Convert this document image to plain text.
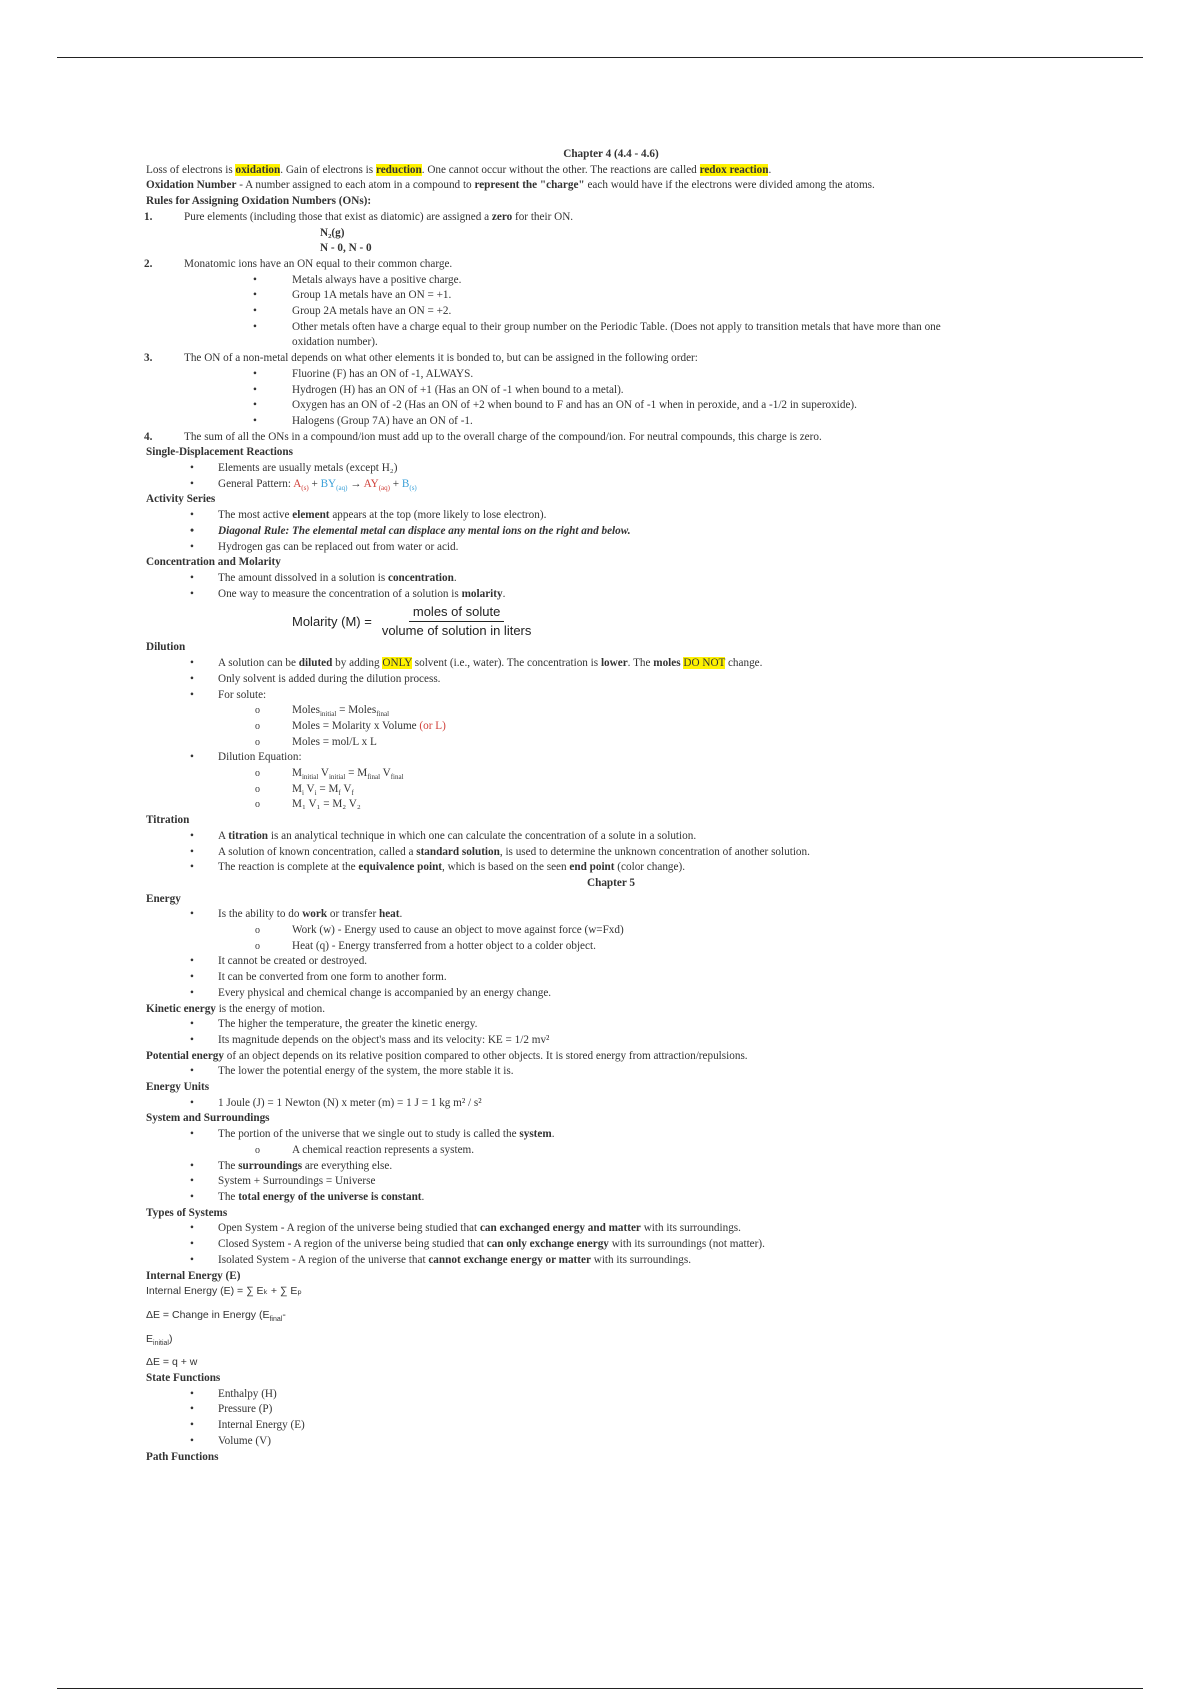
Chapter 4 (4.4 - 4.6)
Loss of electrons is oxidation. Gain of electrons is reduction. One cannot occur without the other. The reactions are called redox reaction.
Oxidation Number - A number assigned to each atom in a compound to represent the "charge" each would have if the electrons were divided among the atoms.
Rules for Assigning Oxidation Numbers (ONs):
1.	Pure elements (including those that exist as diatomic) are assigned a zero for their ON.
N₂(g)
N - 0, N - 0
2.	Monatomic ions have an ON equal to their common charge.
• Metals always have a positive charge.
• Group 1A metals have an ON = +1.
• Group 2A metals have an ON = +2.
• Other metals often have a charge equal to their group number on the Periodic Table. (Does not apply to transition metals that have more than one
oxidation number).
3.	The ON of a non-metal depends on what other elements it is bonded to, but can be assigned in the following order:
• Fluorine (F) has an ON of -1, ALWAYS.
• Hydrogen (H) has an ON of +1 (Has an ON of -1 when bound to a metal).
• Oxygen has an ON of -2 (Has an ON of +2 when bound to F and has an ON of -1 when in peroxide, and a -1/2 in superoxide).
• Halogens (Group 7A) have an ON of -1.
4.	The sum of all the ONs in a compound/ion must add up to the overall charge of the compound/ion. For neutral compounds, this charge is zero.
Single-Displacement Reactions
• Elements are usually metals (except H₂)
• General Pattern: $A_{(s)} + BY_{(aq)} \to AY_{(aq)} + B_{(s)}$
Activity Series
• The most active element appears at the top (more likely to lose electron).
• Diagonal Rule: The elemental metal can displace any mental ions on the right and below.
• Hydrogen gas can be replaced out from water or acid.
Concentration and Molarity
• The amount dissolved in a solution is concentration.
• One way to measure the concentration of a solution is molarity.
Molarity $(M) = \frac{\text{moles of solute}}{\text{volume of solution in liters}}$
Dilution
• A solution can be diluted by adding ONLY solvent (i.e., water). The concentration is lower. The moles DO NOT change.
• Only solvent is added during the dilution process.
• For solute:
o Moles$_{initial}$ = Moles$_{final}$
o Moles = Molarity x Volume (or L)
o Moles = mol/L x L
• Dilution Equation:
o $M_{initial}$ $V_{initial} = M_{final}$ $V_{final}$
o $M_i$ $V_i = M_f$ $V_f$
o M₁ V₁ = M₂ V₂
Titration
• A titration is an analytical technique in which one can calculate the concentration of a solute in a solution.
• A solution of known concentration, called a standard solution, is used to determine the unknown concentration of another solution.
• The reaction is complete at the equivalence point, which is based on the seen end point (color change).
Chapter 5
Energy
• Is the ability to do work or transfer heat.
o Work (w) - Energy used to cause an object to move against force (w=Fxd)
o Heat (q) - Energy transferred from a hotter object to a colder object.
• It cannot be created or destroyed.
• It can be converted from one form to another form.
• Every physical and chemical change is accompanied by an energy change.
Kinetic energy is the energy of motion.
• The higher the temperature, the greater the kinetic energy.
• Its magnitude depends on the object's mass and its velocity: KE = 1/2 mv²
Potential energy of an object depends on its relative position compared to other objects. It is stored energy from attraction/repulsions.
• The lower the potential energy of the system, the more stable it is.
Energy Units
• 1 Joule (J) = 1 Newton (N) x meter (m) = 1 J = 1 kg m² / s²
System and Surroundings
• The portion of the universe that we single out to study is called the system.
o A chemical reaction represents a system.
• The surroundings are everything else.
• System + Surroundings = Universe
• The total energy of the universe is constant.
Types of Systems
• Open System - A region of the universe being studied that can exchanged energy and matter with its surroundings.
• Closed System - A region of the universe being studied that can only exchange energy with its surroundings (not matter).
• Isolated System - A region of the universe that cannot exchange energy or matter with its surroundings.
Internal Energy (E)
Internal Energy (E) = ∑ Eₖ + ∑ Eₚ
ΔE = Change in Energy ($E_{final}-$
$E_{initial}$)
ΔE = q + w
State Functions
• Enthalpy (H)
• Pressure (P)
• Internal Energy (E)
• Volume (V)
Path Functions
